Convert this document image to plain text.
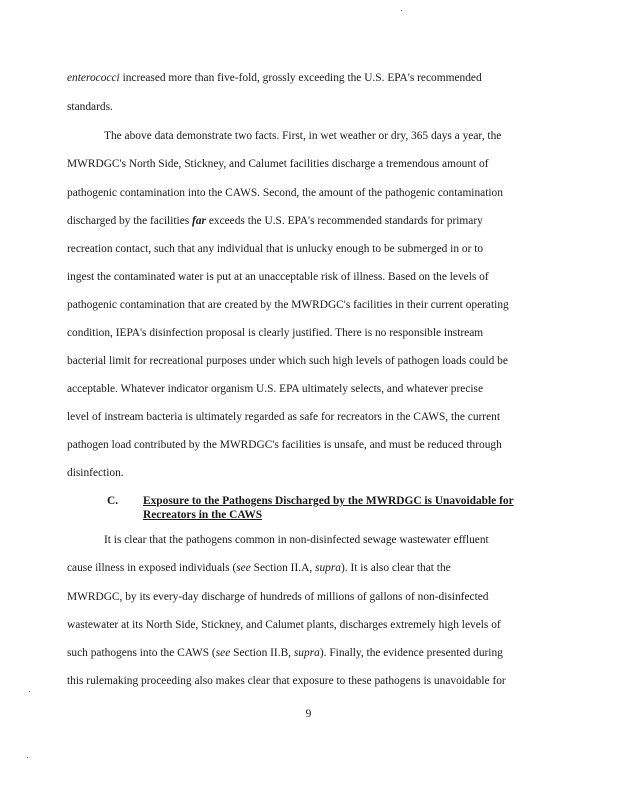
enterococci increased more than five-fold, grossly exceeding the U.S. EPA's recommended
standards.
The above data demonstrate two facts. First, in wet weather or dry, 365 days a year, the
MWRDGC's North Side, Stickney, and Calumet facilities discharge a tremendous amount of
pathogenic contamination into the CAWS. Second, the amount of the pathogenic contamination
discharged by the facilities far exceeds the U.S. EPA's recommended standards for primary
recreation contact, such that any individual that is unlucky enough to be submerged in or to
ingest the contaminated water is put at an unacceptable risk of illness. Based on the levels of
pathogenic contamination that are created by the MWRDGC's facilities in their current operating
condition, IEPA's disinfection proposal is clearly justified. There is no responsible instream
bacterial limit for recreational purposes under which such high levels of pathogen loads could be
acceptable. Whatever indicator organism U.S. EPA ultimately selects, and whatever precise
level of instream bacteria is ultimately regarded as safe for recreators in the CAWS, the current
pathogen load contributed by the MWRDGC's facilities is unsafe, and must be reduced through
disinfection.
C. Exposure to the Pathogens Discharged by the MWRDGC is Unavoidable for
Recreators in the CAWS
It is clear that the pathogens common in non-disinfected sewage wastewater effluent
cause illness in exposed individuals (see Section II.A, supra). It is also clear that the
MWRDGC, by its every-day discharge of hundreds of millions of gallons of non-disinfected
wastewater at its North Side, Stickney, and Calumet plants, discharges extremely high levels of
such pathogens into the CAWS (see Section II.B, supra). Finally, the evidence presented during
this rulemaking proceeding also makes clear that exposure to these pathogens is unavoidable for
9
